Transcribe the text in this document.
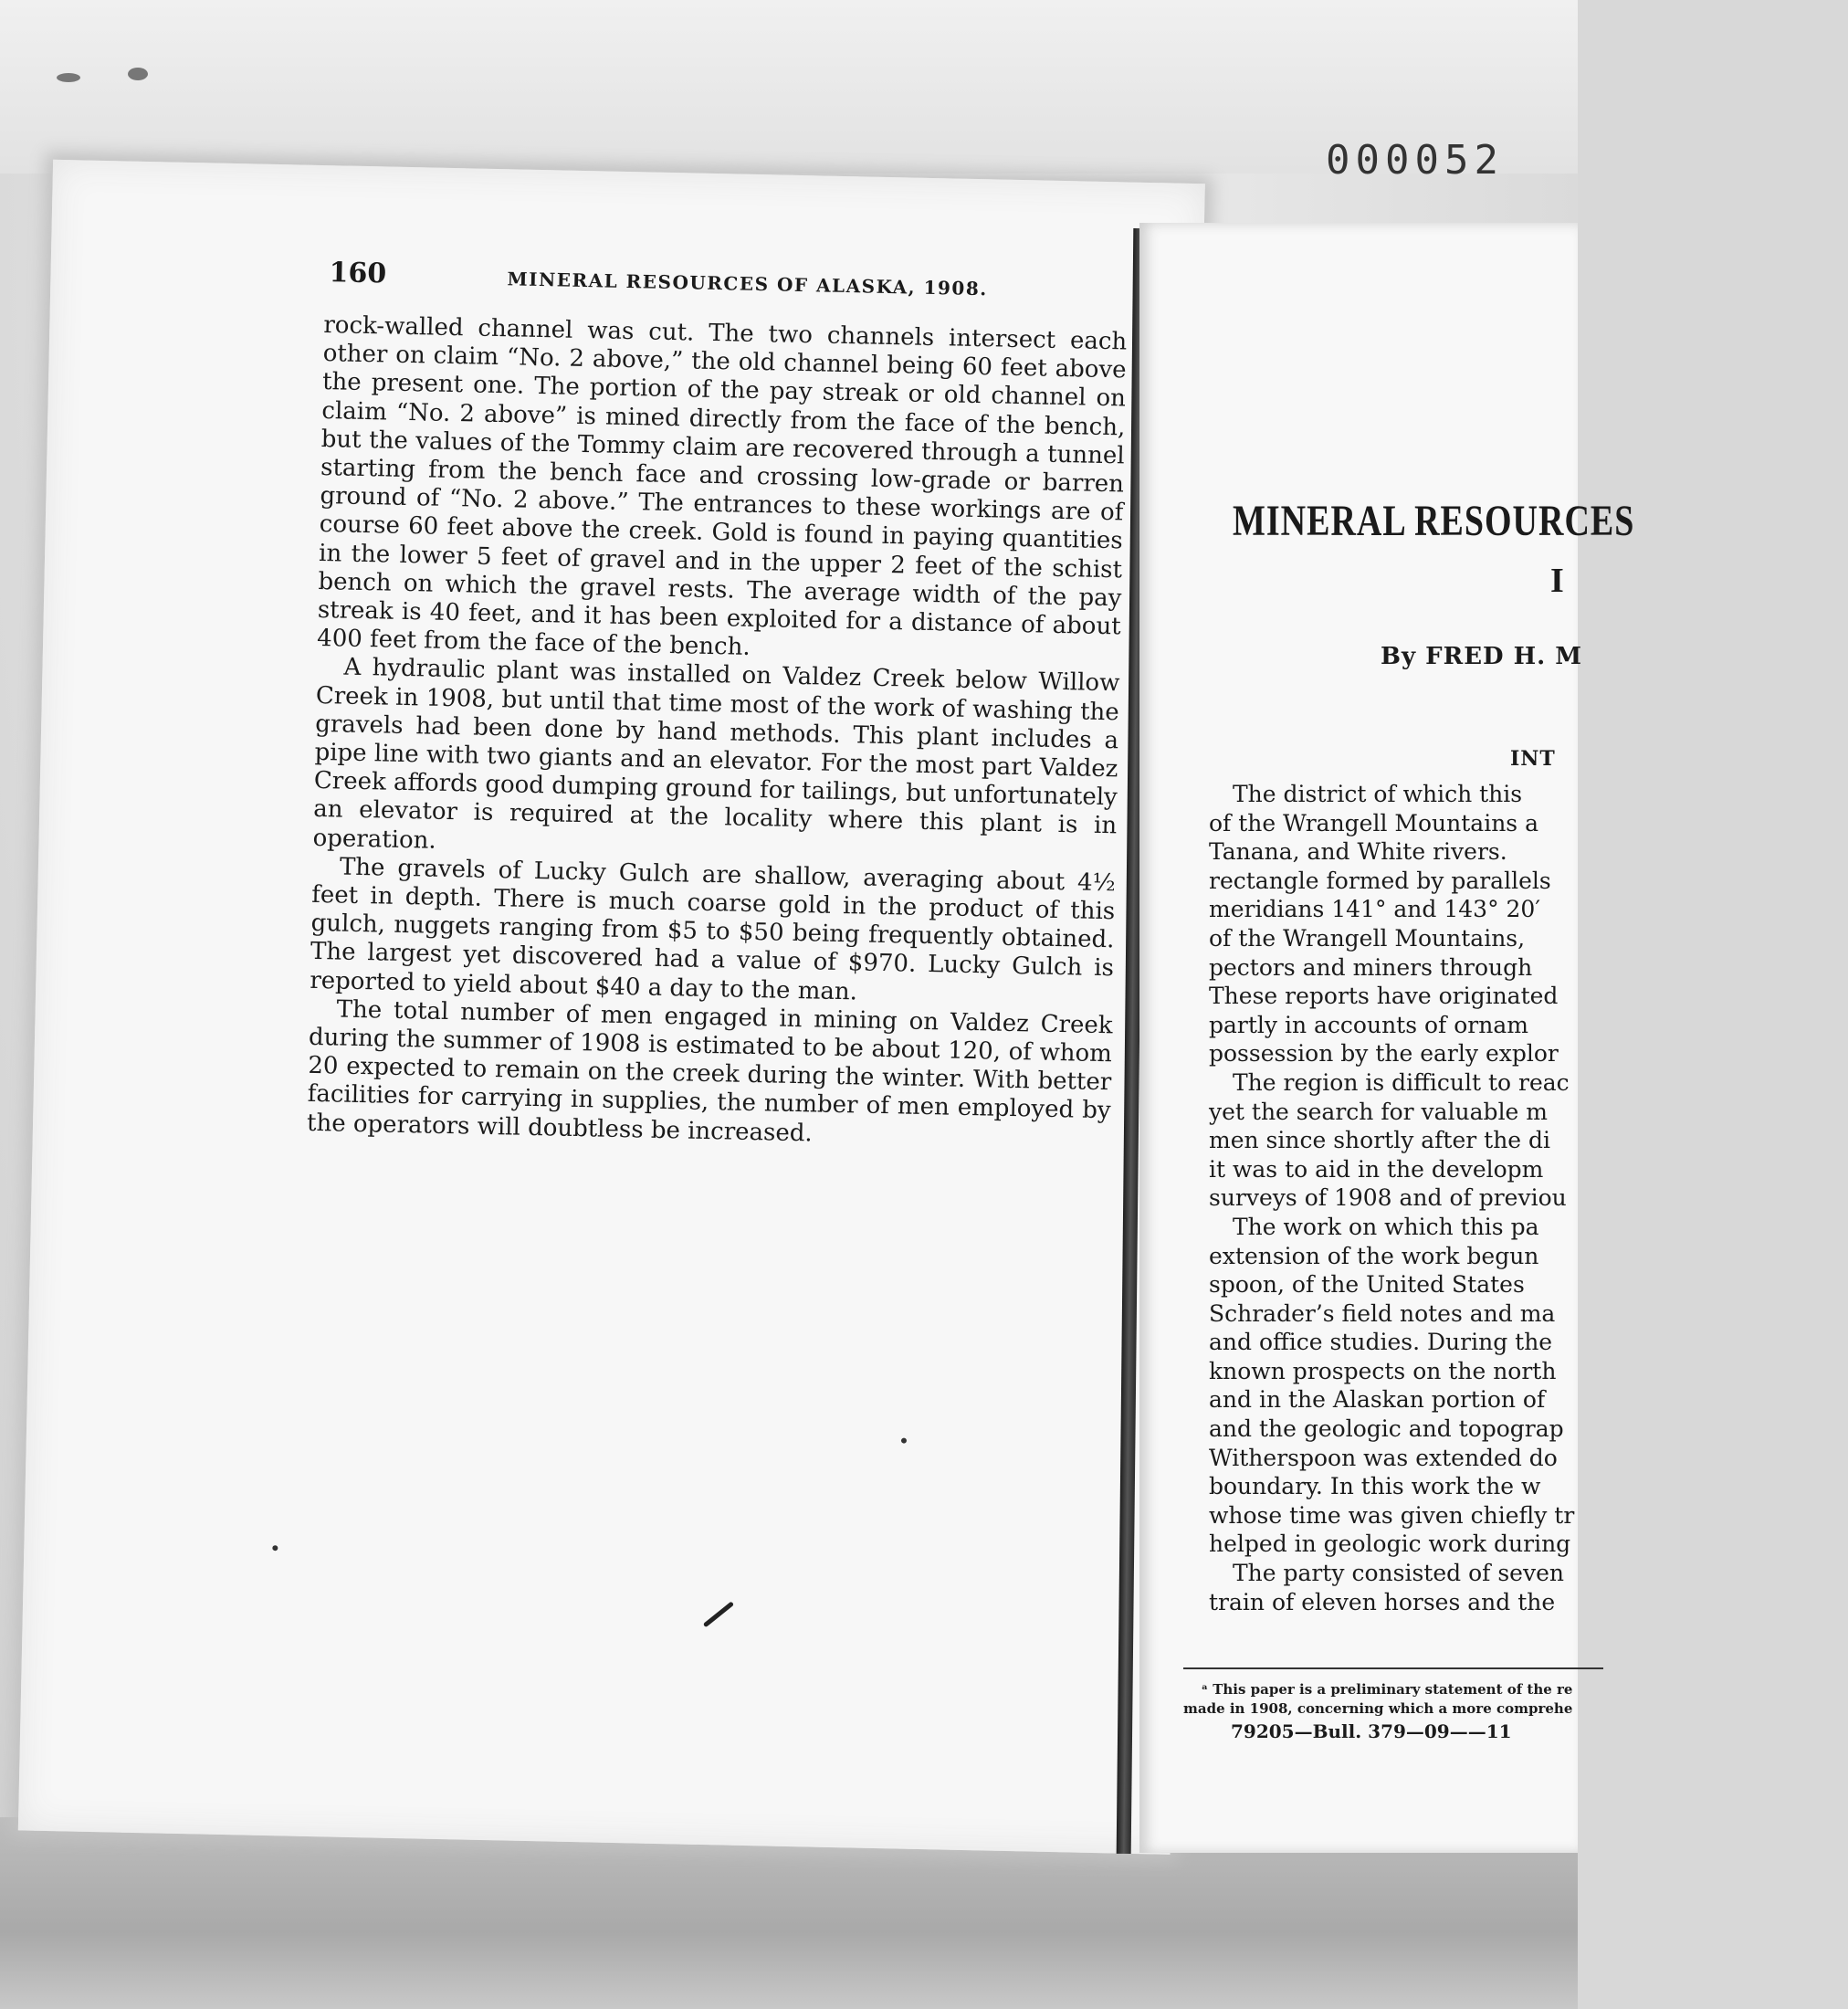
000052
160	MINERAL RESOURCES OF ALASKA, 1908.

rock-walled channel was cut. The two channels intersect each other on claim “No. 2 above,” the old channel being 60 feet above the present one. The portion of the pay streak or old channel on claim “No. 2 above” is mined directly from the face of the bench, but the values of the Tommy claim are recovered through a tunnel starting from the bench face and crossing low-grade or barren ground of “No. 2 above.” The entrances to these workings are of course 60 feet above the creek. Gold is found in paying quantities in the lower 5 feet of gravel and in the upper 2 feet of the schist bench on which the gravel rests. The average width of the pay streak is 40 feet, and it has been exploited for a distance of about 400 feet from the face of the bench.

A hydraulic plant was installed on Valdez Creek below Willow Creek in 1908, but until that time most of the work of washing the gravels had been done by hand methods. This plant includes a pipe line with two giants and an elevator. For the most part Valdez Creek affords good dumping ground for tailings, but unfortunately an elevator is required at the locality where this plant is in operation.

The gravels of Lucky Gulch are shallow, averaging about 4½ feet in depth. There is much coarse gold in the product of this gulch, nuggets ranging from $5 to $50 being frequently obtained. The largest yet discovered had a value of $970. Lucky Gulch is reported to yield about $40 a day to the man.

The total number of men engaged in mining on Valdez Creek during the summer of 1908 is estimated to be about 120, of whom 20 expected to remain on the creek during the winter. With better facilities for carrying in supplies, the number of men employed by the operators will doubtless be increased.

MINERAL RESOURCES
I
By FRED H. M
INT
The district of which this
of the Wrangell Mountains a
Tanana, and White rivers.
rectangle formed by parallels
meridians 141° and 143° 20′
of the Wrangell Mountains,
pectors and miners through
These reports have originated
partly in accounts of ornam
possession by the early explor
The region is difficult to reac
yet the search for valuable m
men since shortly after the di
it was to aid in the developm
surveys of 1908 and of previou
The work on which this pa
extension of the work begun
spoon, of the United States
Schrader’s field notes and ma
and office studies. During the
known prospects on the north
and in the Alaskan portion of
and the geologic and topograp
Witherspoon was extended do
boundary. In this work the w
whose time was given chiefly tr
helped in geologic work during
The party consisted of seven
train of eleven horses and the
ᵃ This paper is a preliminary statement of the re
made in 1908, concerning which a more comprehe
79205—Bull. 379—09——11
